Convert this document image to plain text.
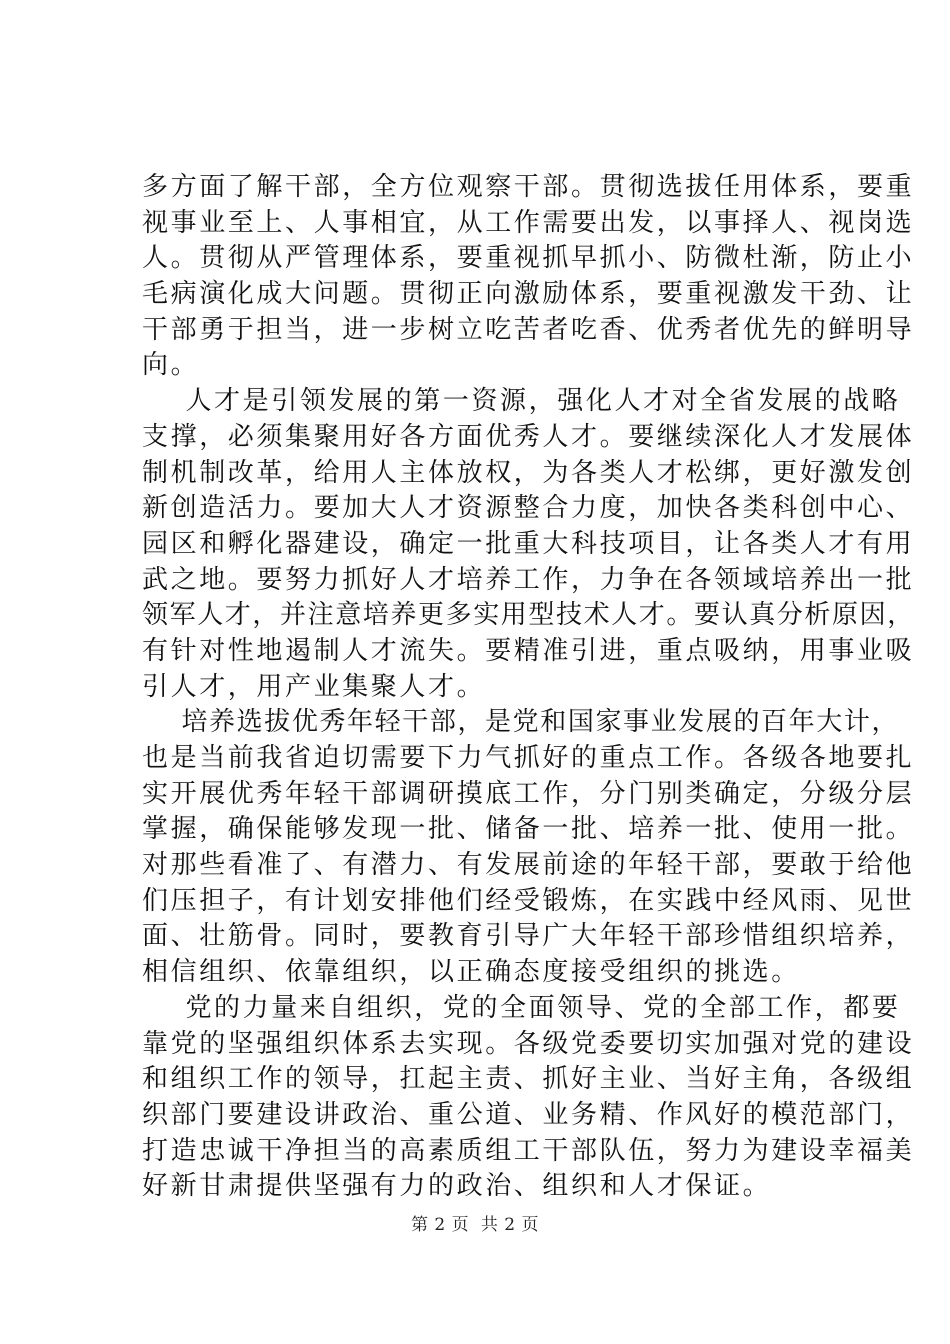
多方面了解干部，全方位观察干部。贯彻选拔任用体系，要重
视事业至上、人事相宜，从工作需要出发，以事择人、视岗选
人。贯彻从严管理体系，要重视抓早抓小、防微杜渐，防止小
毛病演化成大问题。贯彻正向激励体系，要重视激发干劲、让
干部勇于担当，进一步树立吃苦者吃香、优秀者优先的鲜明导
向。
人才是引领发展的第一资源，强化人才对全省发展的战略
支撑，必须集聚用好各方面优秀人才。要继续深化人才发展体
制机制改革，给用人主体放权，为各类人才松绑，更好激发创
新创造活力。要加大人才资源整合力度，加快各类科创中心、
园区和孵化器建设，确定一批重大科技项目，让各类人才有用
武之地。要努力抓好人才培养工作，力争在各领域培养出一批
领军人才，并注意培养更多实用型技术人才。要认真分析原因，
有针对性地遏制人才流失。要精准引进，重点吸纳，用事业吸
引人才，用产业集聚人才。
培养选拔优秀年轻干部，是党和国家事业发展的百年大计，
也是当前我省迫切需要下力气抓好的重点工作。各级各地要扎
实开展优秀年轻干部调研摸底工作，分门别类确定，分级分层
掌握，确保能够发现一批、储备一批、培养一批、使用一批。
对那些看准了、有潜力、有发展前途的年轻干部，要敢于给他
们压担子，有计划安排他们经受锻炼，在实践中经风雨、见世
面、壮筋骨。同时，要教育引导广大年轻干部珍惜组织培养，
相信组织、依靠组织，以正确态度接受组织的挑选。
党的力量来自组织，党的全面领导、党的全部工作，都要
靠党的坚强组织体系去实现。各级党委要切实加强对党的建设
和组织工作的领导，扛起主责、抓好主业、当好主角，各级组
织部门要建设讲政治、重公道、业务精、作风好的模范部门，
打造忠诚干净担当的高素质组工干部队伍，努力为建设幸福美
好新甘肃提供坚强有力的政治、组织和人才保证。
第 2 页  共 2 页
